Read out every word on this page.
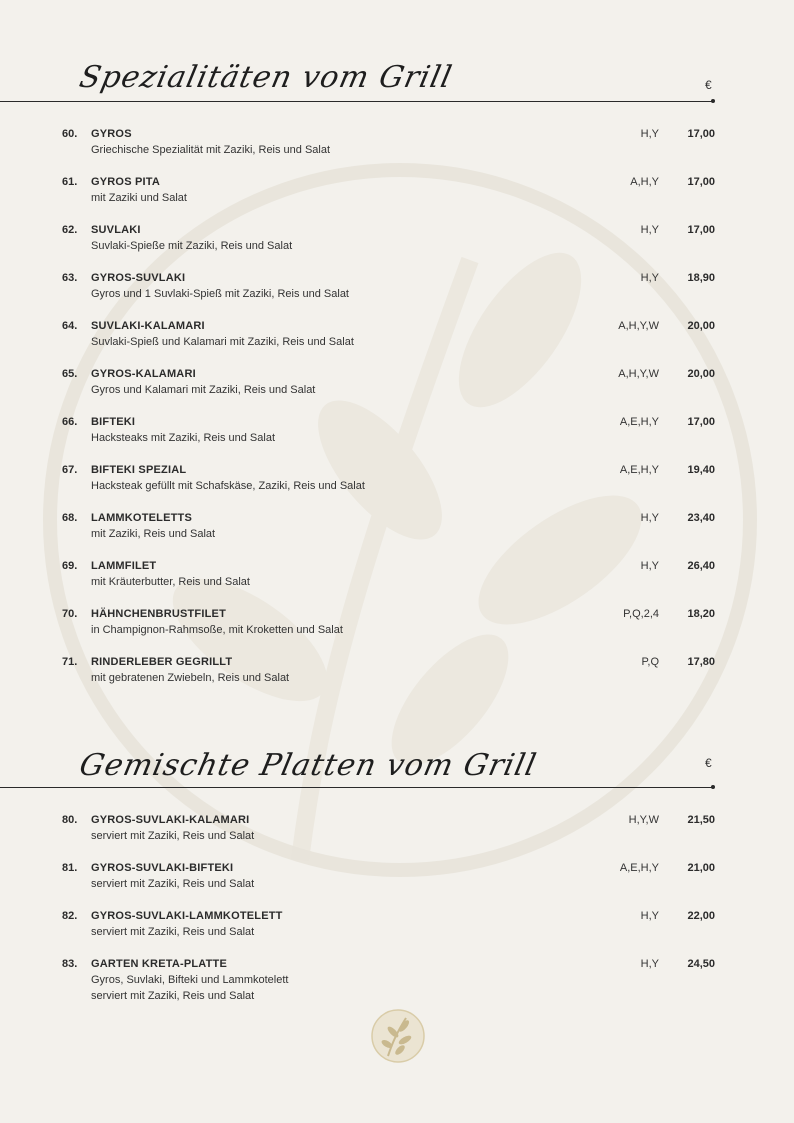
Spezialitäten vom Grill	€
60. GYROS
Griechische Spezialität mit Zaziki, Reis und Salat
H,Y	17,00
61. GYROS PITA
mit Zaziki und Salat
A,H,Y	17,00
62. SUVLAKI
Suvlaki-Spieße mit Zaziki, Reis und Salat
H,Y	17,00
63. GYROS-SUVLAKI
Gyros und 1 Suvlaki-Spieß mit Zaziki, Reis und Salat
H,Y	18,90
64. SUVLAKI-KALAMARI
Suvlaki-Spieß und Kalamari mit Zaziki, Reis und Salat
A,H,Y,W	20,00
65. GYROS-KALAMARI
Gyros und Kalamari mit Zaziki, Reis und Salat
A,H,Y,W	20,00
66. BIFTEKI
Hacksteaks mit Zaziki, Reis und Salat
A,E,H,Y	17,00
67. BIFTEKI SPEZIAL
Hacksteak gefüllt mit Schafskäse, Zaziki, Reis und Salat
A,E,H,Y	19,40
68. LAMMKOTELETTS
mit Zaziki, Reis und Salat
H,Y	23,40
69. LAMMFILET
mit Kräuterbutter, Reis und Salat
H,Y	26,40
70. HÄHNCHENBRUSTFILET
in Champignon-Rahmsoße, mit Kroketten und Salat
P,Q,2,4	18,20
71. RINDERLEBER GEGRILLT
mit gebratenen Zwiebeln, Reis und Salat
P,Q	17,80
Gemischte Platten vom Grill	€
80. GYROS-SUVLAKI-KALAMARI
serviert mit Zaziki, Reis und Salat
H,Y,W	21,50
81. GYROS-SUVLAKI-BIFTEKI
serviert mit Zaziki, Reis und Salat
A,E,H,Y	21,00
82. GYROS-SUVLAKI-LAMMKOTELETT
serviert mit Zaziki, Reis und Salat
H,Y	22,00
83. GARTEN KRETA-PLATTE
Gyros, Suvlaki, Bifteki und Lammkotelett
serviert mit Zaziki, Reis und Salat
H,Y	24,50
